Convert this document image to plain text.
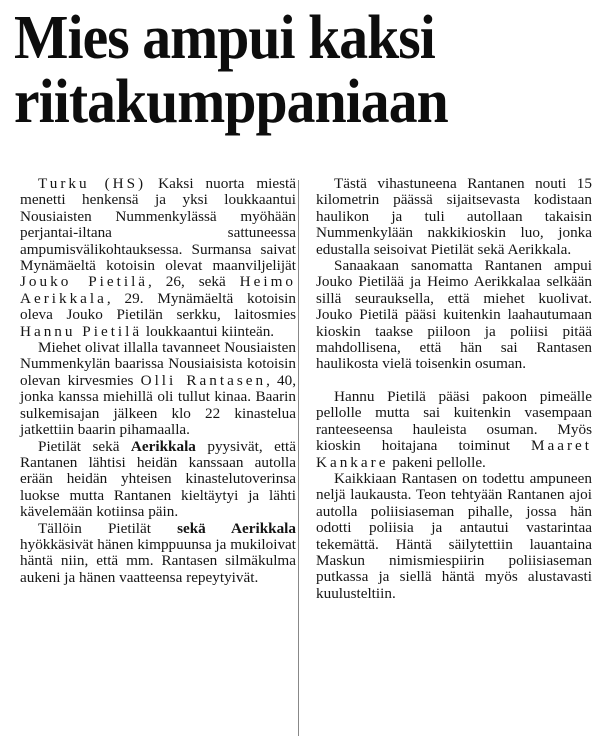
Mies ampui kaksi
riitakumppaniaan

Turku (HS) Kaksi nuorta miestä menetti henkensä ja yksi loukkaantui Nousiaisten Nummenkylässä myöhään perjantai-iltana sattuneessa ampumisvälikohtauksessa. Surmansa saivat Mynämäeltä kotoisin olevat maanviljelijät Jouko Pietilä, 26, sekä Heimo Aerikkala, 29. Mynämäeltä kotoisin oleva Jouko Pietilän serkku, laitosmies Hannu Pietilä loukkaantui kiinteän.

Miehet olivat illalla tavanneet Nousiaisten Nummenkylän baarissa Nousiaisista kotoisin olevan kirvesmies Olli Rantasen, 40, jonka kanssa miehillä oli tullut kinaa. Baarin sulkemisajan jälkeen klo 22 kinastelua jatkettiin baarin pihamaalla.

Pietilät sekä Aerikkala pyysivät, että Rantanen lähtisi heidän kanssaan autolla erään heidän yhteisen kinastelutoverinsa luokse mutta Rantanen kieltäytyi ja lähti kävelemään kotiinsa päin.

Tällöin Pietilät sekä Aerikkala hyökkäsivät hänen kimppuunsa ja mukiloivat häntä niin, että mm. Rantasen silmäkulma aukeni ja hänen vaatteensa repeytyivät.

Tästä vihastuneena Rantanen nouti 15 kilometrin päässä sijaitsevasta kodistaan haulikon ja tuli autollaan takaisin Nummenkylään nakkikioskin luo, jonka edustalla seisoivat Pietilät sekä Aerikkala.

Sanaakaan sanomatta Rantanen ampui Jouko Pietilää ja Heimo Aerikkalaa selkään sillä seurauksella, että miehet kuolivat. Jouko Pietilä pääsi kuitenkin laahautumaan kioskin taakse piiloon ja poliisi pitää mahdollisena, että hän sai Rantasen haulikosta vielä toisenkin osuman.

Hannu Pietilä pääsi pakoon pimeälle pellolle mutta sai kuitenkin vasempaan ranteeseensa hauleista osuman. Myös kioskin hoitajana toiminut Maaret Kankare pakeni pellolle.

Kaikkiaan Rantasen on todettu ampuneen neljä laukausta. Teon tehtyään Rantanen ajoi autolla poliisiaseman pihalle, jossa hän odotti poliisia ja antautui vastarintaa tekemättä. Häntä säilytettiin lauantaina Maskun nimismiespiirin poliisiaseman putkassa ja siellä häntä myös alustavasti kuulusteltiin.
